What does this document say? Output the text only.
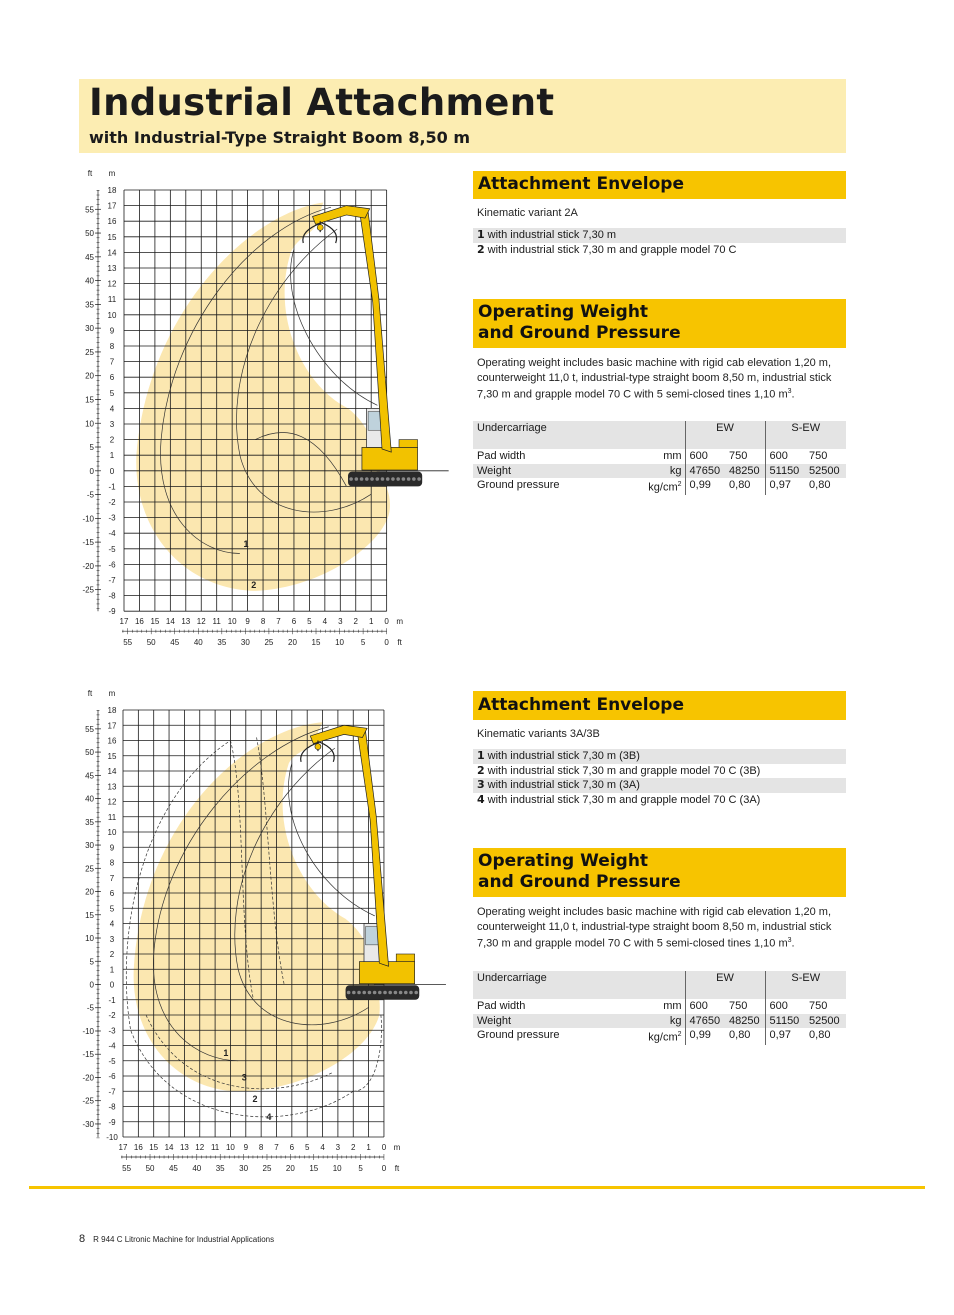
Industrial Attachment
with Industrial-Type Straight Boom 8,50 m
ft m
55
50
45
40
35
30
25
20
15
10
5
0
-5
-10
-15
-20
-25
18
17
16
15
14
13
12
11
10
9
8
7
6
5
4
3
2
1
0
-1
-2
-3
-4
-5
-6
-7
-8
-9
17 16 15 14 13 12 11 10 9 8 7 6 5 4 3 2 1 0 m
55 50 45 40 35 30 25 20 15 10 5 0 ft
1
2
ft m
55
50
45
40
35
30
25
20
15
10
5
0
-5
-10
-15
-20
-25
-30
18
17
16
15
14
13
12
11
10
9
8
7
6
5
4
3
2
1
0
-1
-2
-3
-4
-5
-6
-7
-8
-9
-10
17 16 15 14 13 12 11 10 9 8 7 6 5 4 3 2 1 0 m
55 50 45 40 35 30 25 20 15 10 5 0 ft
1
3
2
4
Attachment Envelope
Kinematic variant 2A
1 with industrial stick 7,30 m
2 with industrial stick 7,30 m and grapple model 70 C
Operating Weight
and Ground Pressure
Operating weight includes basic machine with rigid cab elevation 1,20 m, counterweight 11,0 t, industrial-type straight boom 8,50 m, industrial stick 7,30 m and grapple model 70 C with 5 semi-closed tines 1,10 $m^3$.
Undercarriage		EW		S-EW	
Pad width	mm	600	750	600	750
Weight	kg	47650	48250	51150	52500
Ground pressure	$kg/cm^2$	0,99	0,80	0,97	0,80
Attachment Envelope
Kinematic variants 3A/3B
1 with industrial stick 7,30 m (3B)
2 with industrial stick 7,30 m and grapple model 70 C (3B)
3 with industrial stick 7,30 m (3A)
4 with industrial stick 7,30 m and grapple model 70 C (3A)
Operating Weight
and Ground Pressure
Operating weight includes basic machine with rigid cab elevation 1,20 m, counterweight 11,0 t, industrial-type straight boom 8,50 m, industrial stick 7,30 m and grapple model 70 C with 5 semi-closed tines 1,10 $m^3$.
Undercarriage		EW		S-EW	
Pad width	mm	600	750	600	750
Weight	kg	47650	48250	51150	52500
Ground pressure	$kg/cm^2$	0,99	0,80	0,97	0,80
8 R 944 C Litronic Machine for Industrial Applications
